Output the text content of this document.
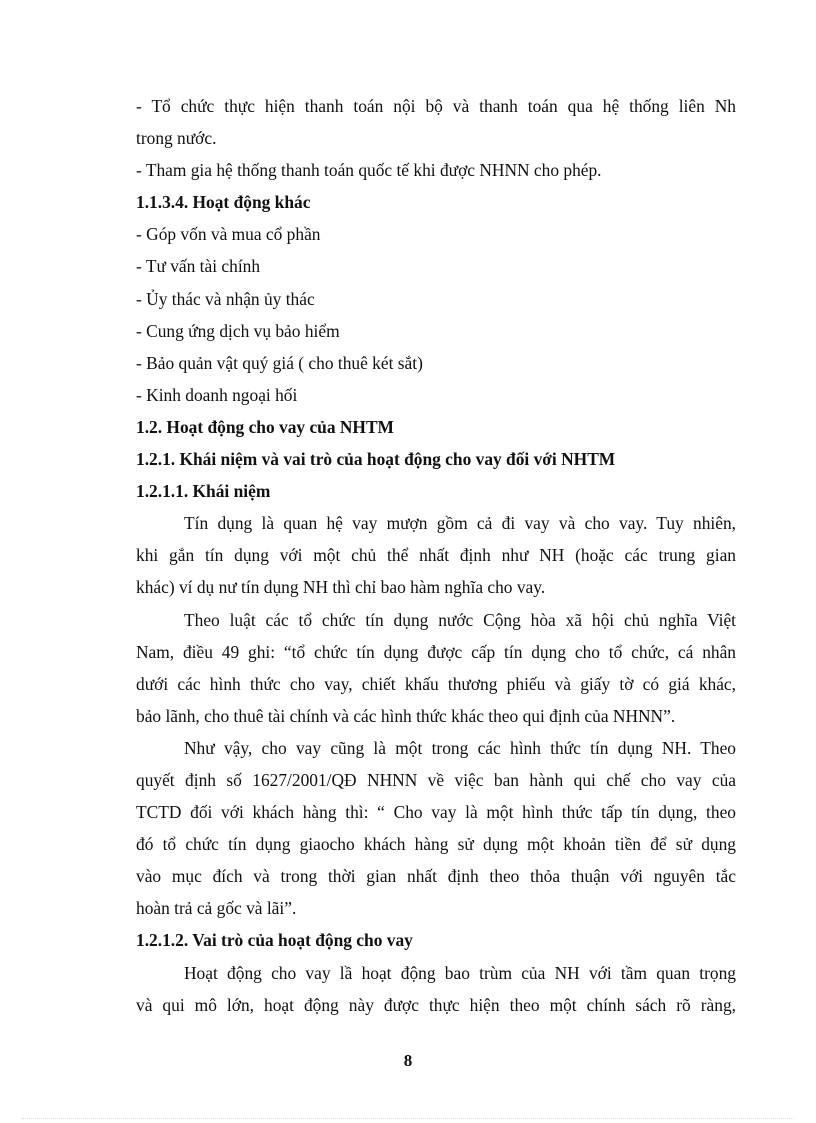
- Tổ chức thực hiện thanh toán nội bộ và thanh toán qua hệ thống liên Nh
trong nước.
- Tham gia hệ thống thanh toán quốc tế khi được NHNN cho phép.
1.1.3.4. Hoạt động khác
- Góp vốn và mua cổ phần
- Tư vấn tài chính
- Ủy thác và nhận ủy thác
- Cung ứng dịch vụ bảo hiểm
- Bảo quản vật quý giá ( cho thuê két sắt)
- Kinh doanh ngoại hối
1.2. Hoạt động cho vay của NHTM
1.2.1. Khái niệm và vai trò của hoạt động cho vay đối với NHTM
1.2.1.1. Khái niệm
Tín dụng là quan hệ vay mượn gồm cả đi vay và cho vay. Tuy nhiên,
khi gắn tín dụng với một chủ thể nhất định như NH (hoặc các trung gian
khác) ví dụ nư tín dụng NH thì chỉ bao hàm nghĩa cho vay.
Theo luật các tổ chức tín dụng nước Cộng hòa xã hội chủ nghĩa Việt
Nam, điều 49 ghi: “tổ chức tín dụng được cấp tín dụng cho tổ chức, cá nhân
dưới các hình thức cho vay, chiết khấu thương phiếu và giấy tờ có giá khác,
bảo lãnh, cho thuê tài chính và các hình thức khác theo qui định của NHNN”.
Như vậy, cho vay cũng là một trong các hình thức tín dụng NH. Theo
quyết định số 1627/2001/QĐ NHNN về việc ban hành qui chế cho vay của
TCTD đối với khách hàng thì: “ Cho vay là một hình thức tấp tín dụng, theo
đó tổ chức tín dụng giaocho khách hàng sử dụng một khoản tiền để sử dụng
vào mục đích và trong thời gian nhất định theo thỏa thuận với nguyên tắc
hoàn trả cả gốc và lãi”.
1.2.1.2. Vai trò của hoạt động cho vay
Hoạt động cho vay lầ hoạt động bao trùm của NH với tầm quan trọng
và qui mô lớn, hoạt động này được thực hiện theo một chính sách rõ ràng,
8
